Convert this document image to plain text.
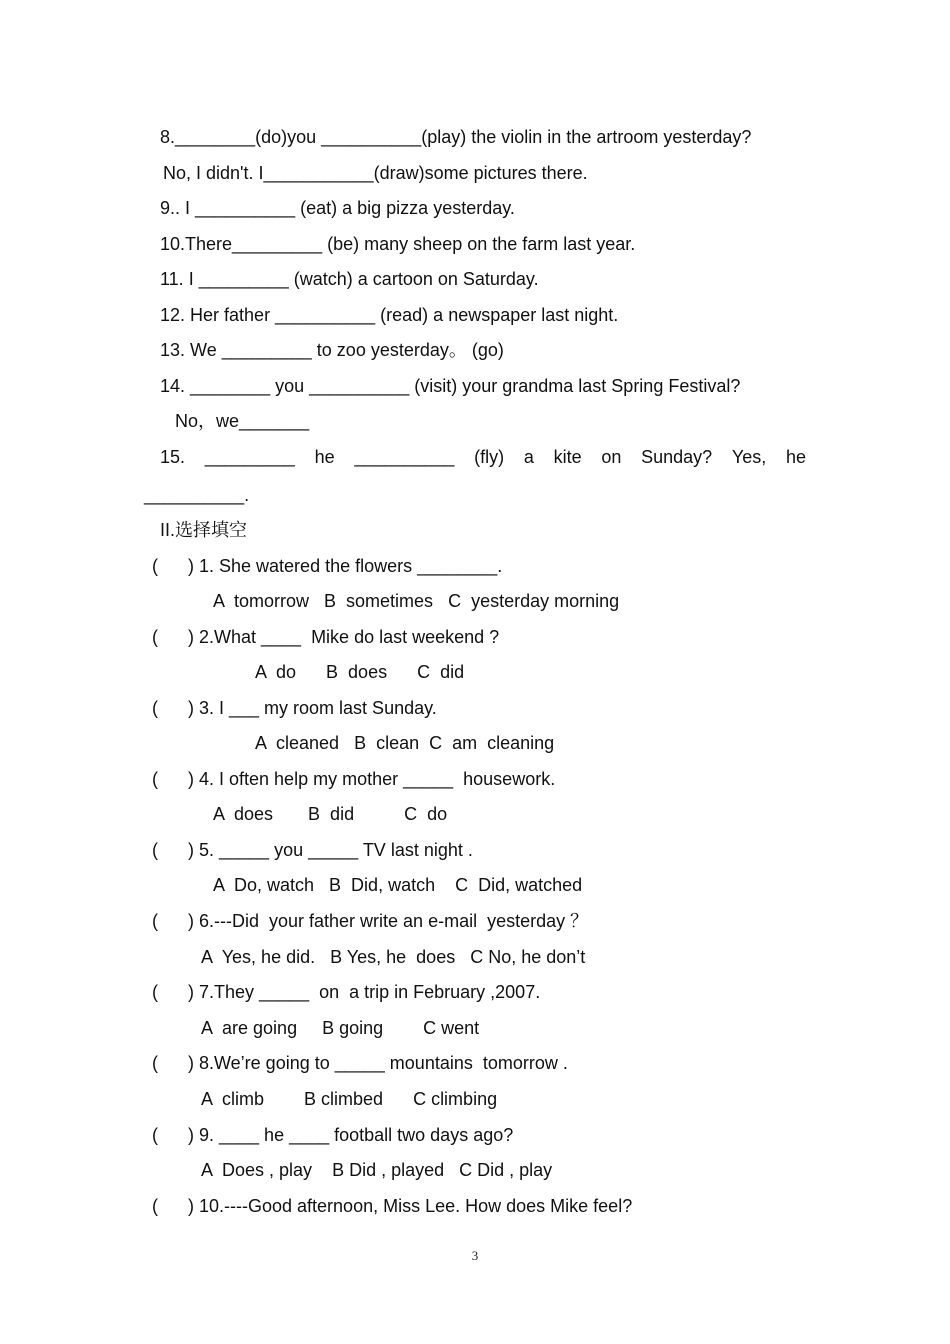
8.________(do)you __________(play) the violin in the artroom yesterday?
No, I didn't. I___________(draw)some pictures there.
9.. I __________ (eat) a big pizza yesterday.
10.There_________ (be) many sheep on the farm last year.
11. I _________ (watch) a cartoon on Saturday.
12. Her father __________ (read) a newspaper last night.
13. We _________ to zoo yesterday。 (go)
14. ________ you __________ (visit) your grandma last Spring Festival?
No，we_______
15. _________ he __________ (fly) a kite on Sunday? Yes, he
__________.
II.选择填空
(      ) 1. She watered the flowers ________.
A  tomorrow   B  sometimes   C  yesterday morning
(      ) 2.What ____  Mike do last weekend ?
A  do      B  does      C  did
(      ) 3. I ___ my room last Sunday.
A  cleaned   B  clean  C  am  cleaning
(      ) 4. I often help my mother _____  housework.
A  does       B  did          C  do
(      ) 5. _____ you _____ TV last night .
A  Do, watch   B  Did, watch    C  Did, watched
(      ) 6.---Did  your father write an e-mail  yesterday ？
A  Yes, he did.   B Yes, he  does   C No, he don’t
(      ) 7.They _____  on  a trip in February ,2007.
A  are going     B going        C went
(      ) 8.We’re going to _____ mountains  tomorrow .
A  climb        B climbed      C climbing
(      ) 9. ____ he ____ football two days ago?
A  Does , play    B Did , played   C Did , play
(      ) 10.----Good afternoon, Miss Lee. How does Mike feel?
3
